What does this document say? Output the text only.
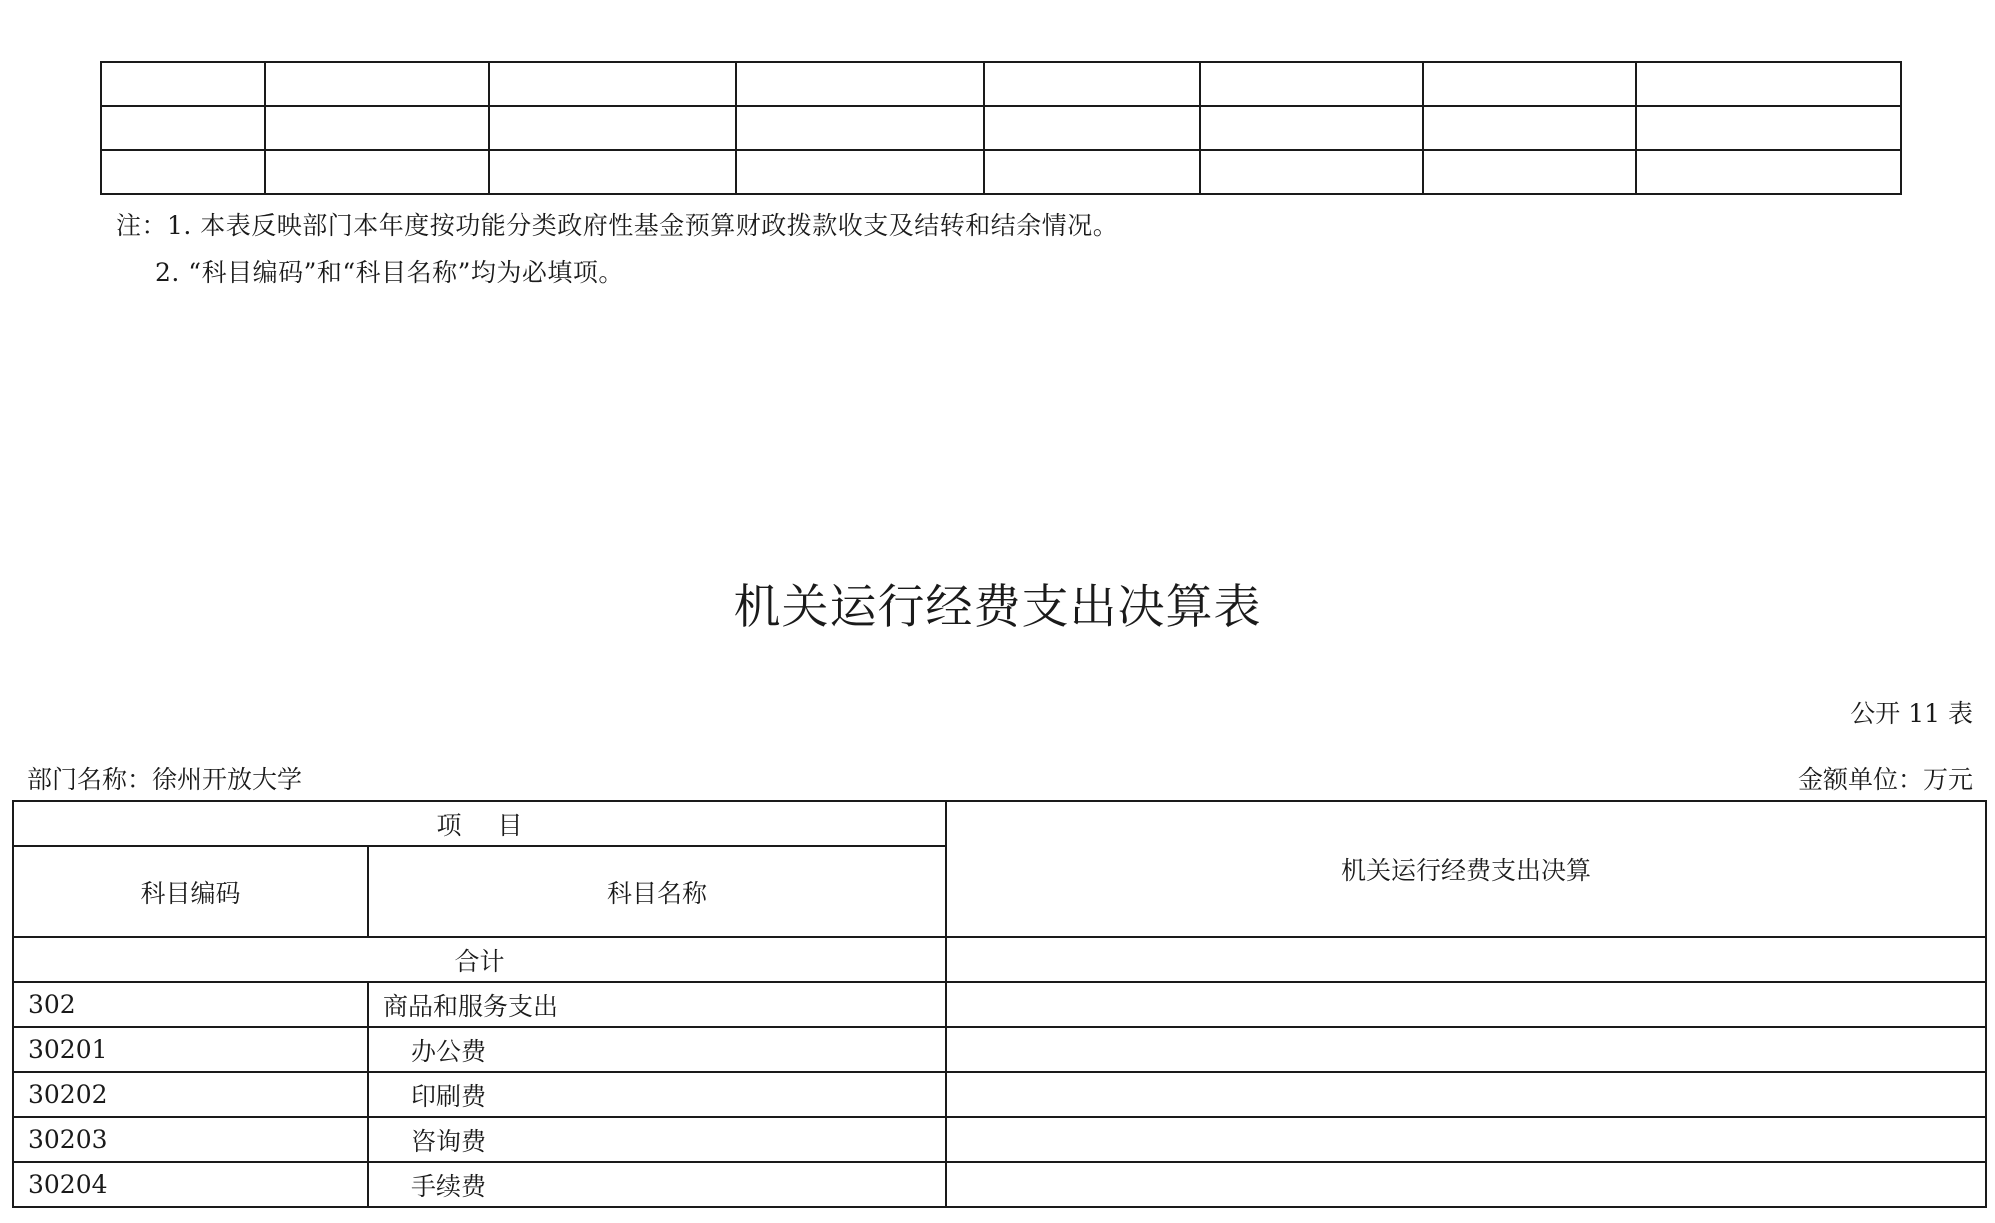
注：1. 本表反映部门本年度按功能分类政府性基金预算财政拨款收支及结转和结余情况。
2. “科目编码”和“科目名称”均为必填项。
机关运行经费支出决算表
公开 11 表
部门名称：徐州开放大学	金额单位：万元
项目		机关运行经费支出决算
科目编码	科目名称	
合计		
302	商品和服务支出	
30201	办公费	
30202	印刷费	
30203	咨询费	
30204	手续费	
